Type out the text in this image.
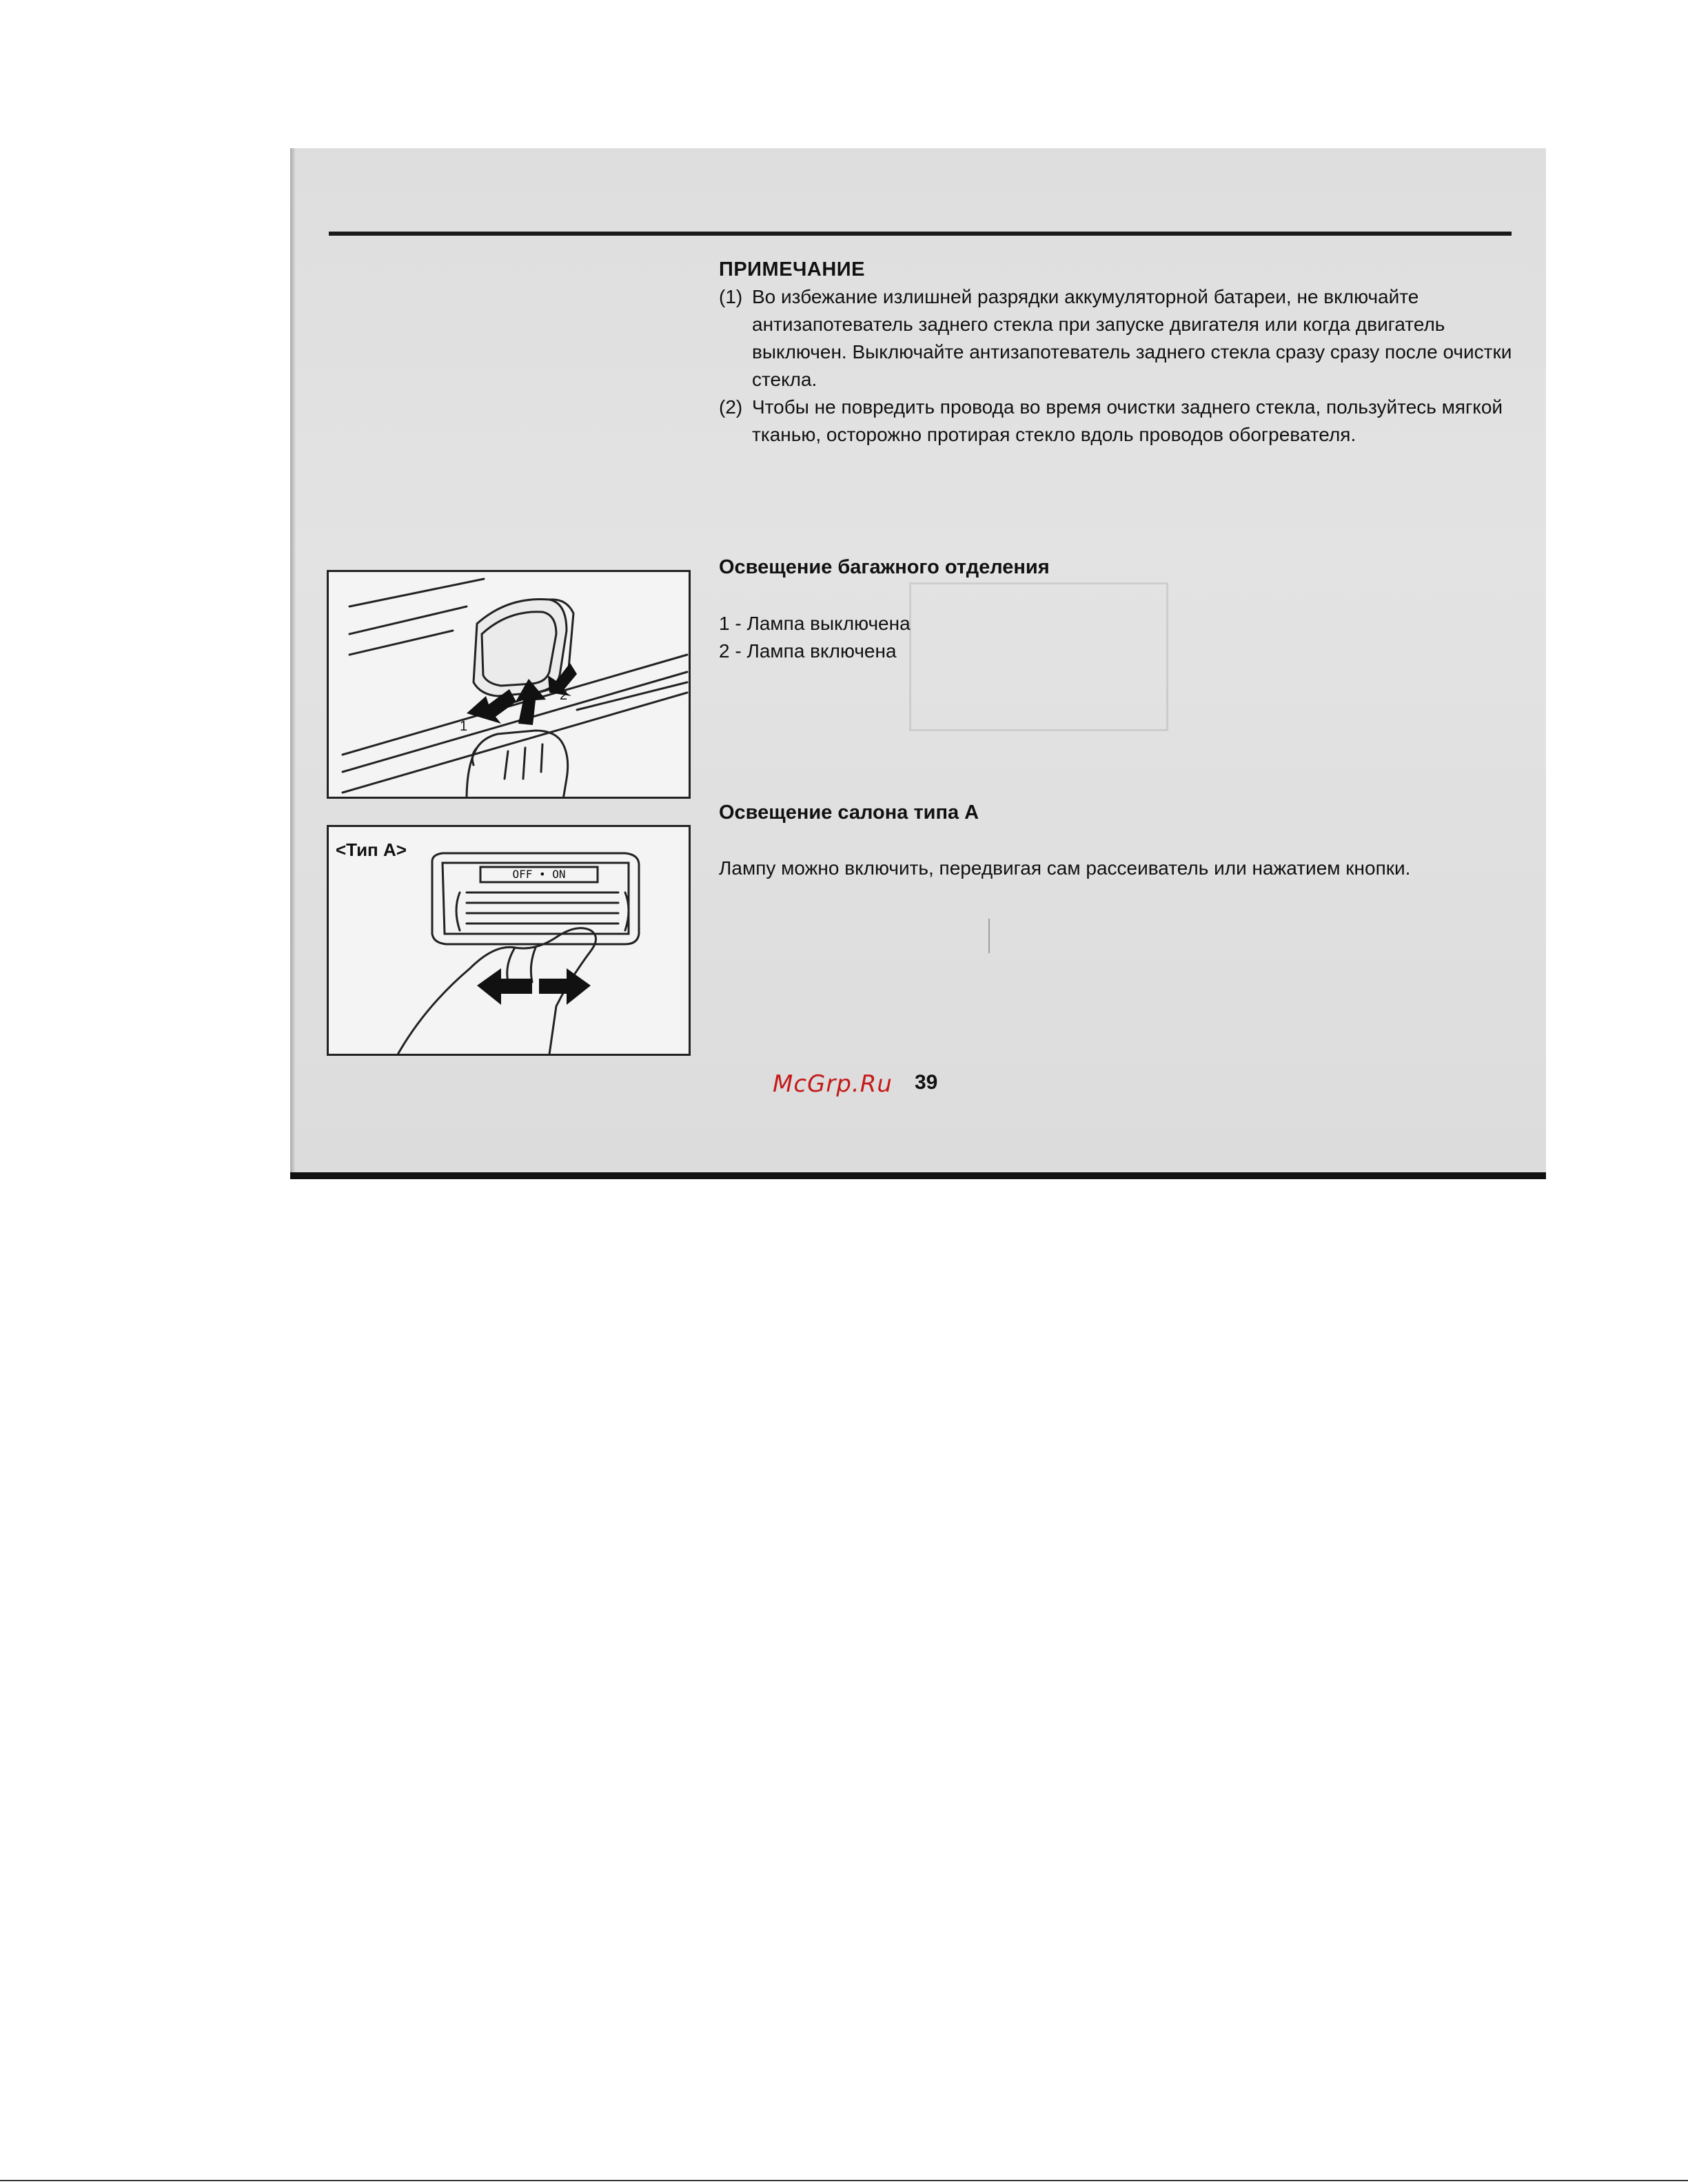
ПРИМЕЧАНИЕ
(1) Во избежание излишней разрядки аккумуляторной батареи, не включайте антизапотеватель заднего стекла при запуске двигателя или когда двигатель выключен. Выключайте антизапотеватель заднего стекла сразу сразу после очистки стекла.
(2) Чтобы не повредить провода во время очистки заднего стекла, пользуйтесь мягкой тканью, осторожно протирая стекло вдоль проводов обогревателя.
Освещение багажного отделения
1 - Лампа выключена
2 - Лампа включена
Освещение салона типа А
Лампу можно включить, передвигая сам рассеиватель или нажатием кнопки.
1
2
OFF • ON
<Тип А>
McGrp.Ru 39
